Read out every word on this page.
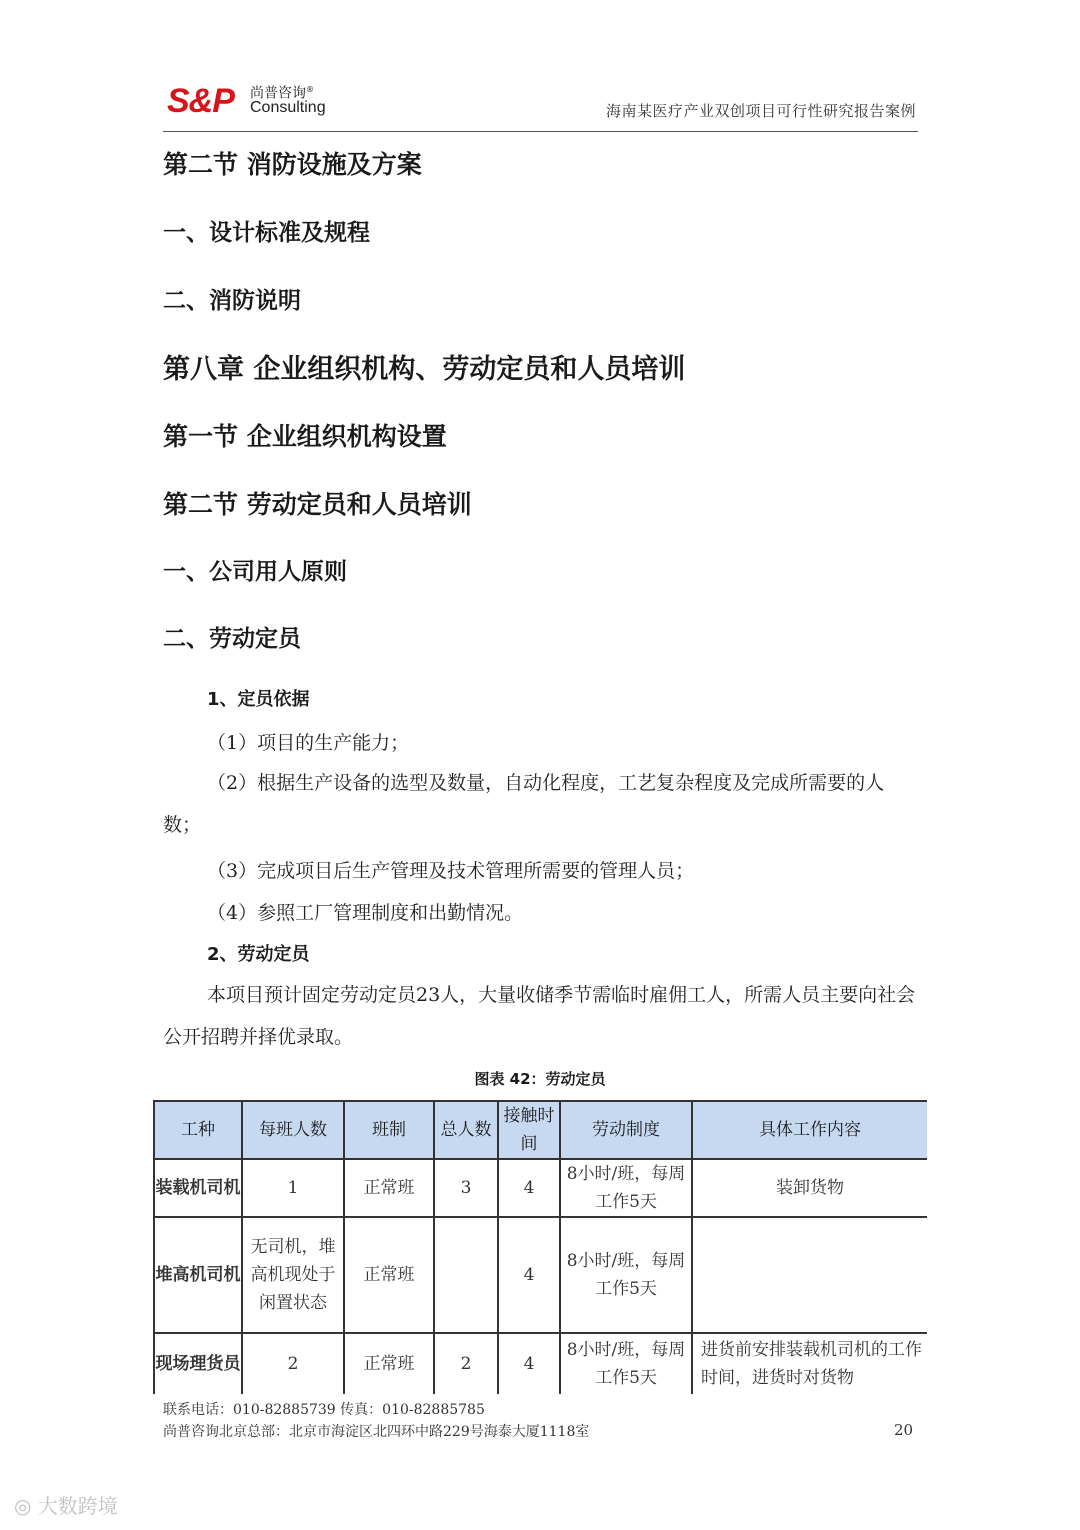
S&P 尚普咨询®
Consulting	海南某医疗产业双创项目可行性研究报告案例
第二节 消防设施及方案
一、设计标准及规程
二、消防说明
第八章 企业组织机构、劳动定员和人员培训
第一节 企业组织机构设置
第二节 劳动定员和人员培训
一、公司用人原则
二、劳动定员
1、定员依据
（1）项目的生产能力；
（2）根据生产设备的选型及数量，自动化程度，工艺复杂程度及完成所需要的人数；
（3）完成项目后生产管理及技术管理所需要的管理人员；
（4）参照工厂管理制度和出勤情况。
2、劳动定员
本项目预计固定劳动定员23人，大量收储季节需临时雇佣工人，所需人员主要向社会公开招聘并择优录取。
图表 42：劳动定员
工种	每班人数	班制	总人数	接触时间	劳动制度	具体工作内容
装载机司机	1	正常班	3	4	8小时/班，每周工作5天	装卸货物
堆高机司机	无司机，堆高机现处于闲置状态	正常班		4	8小时/班，每周工作5天	
现场理货员	2	正常班	2	4	8小时/班，每周工作5天	进货前安排装载机司机的工作时间，进货时对货物
联系电话：010-82885739 传真：010-82885785
尚普咨询北京总部：北京市海淀区北四环中路229号海泰大厦1118室	20
◎ 大数跨境
